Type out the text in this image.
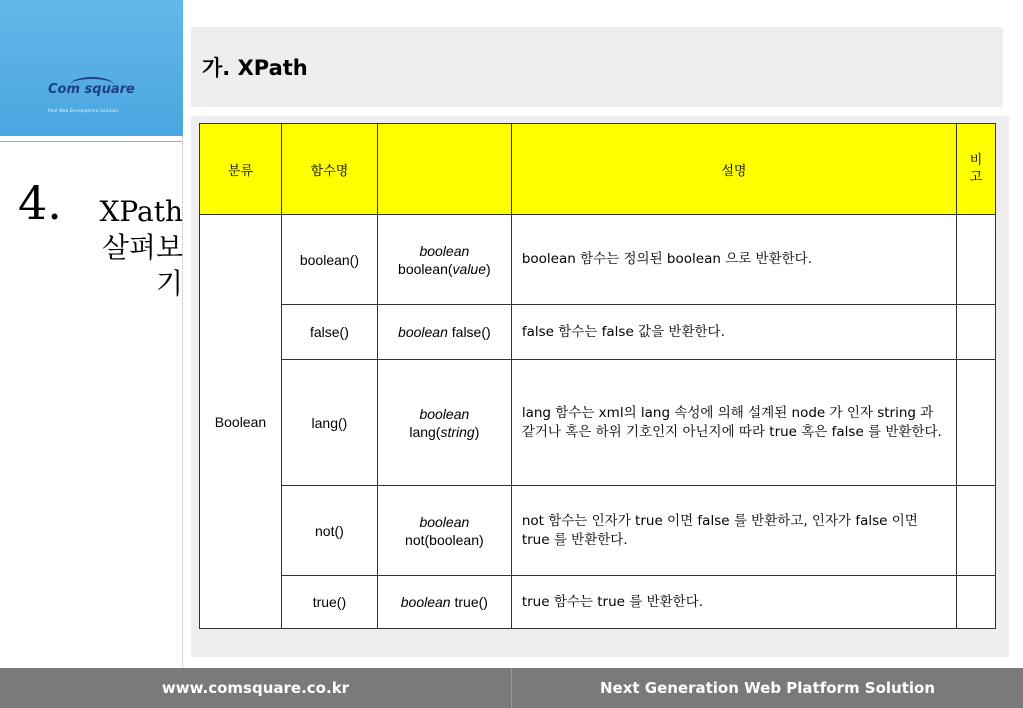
Com square
Real Web Development Solution
4.	XPath
살펴보기
가. XPath
분류	함수명		설명	비고
Boolean	boolean()	boolean
boolean(value)	boolean 함수는 정의된 boolean 으로 반환한다.	
	false()	boolean false()	false 함수는 false 값을 반환한다.	
	lang()	boolean
lang(string)	lang 함수는 xml의 lang 속성에 의해 설계된 node 가 인자 string 과 같거나 혹은 하위 기호인지 아닌지에 따라 true 혹은 false 를 반환한다.	
	not()	boolean
not(boolean)	not 함수는 인자가 true 이면 false 를 반환하고, 인자가 false 이면 true 를 반환한다.	
	true()	boolean true()	true 함수는 true 를 반환한다.	
www.comsquare.co.kr	Next Generation Web Platform Solution
